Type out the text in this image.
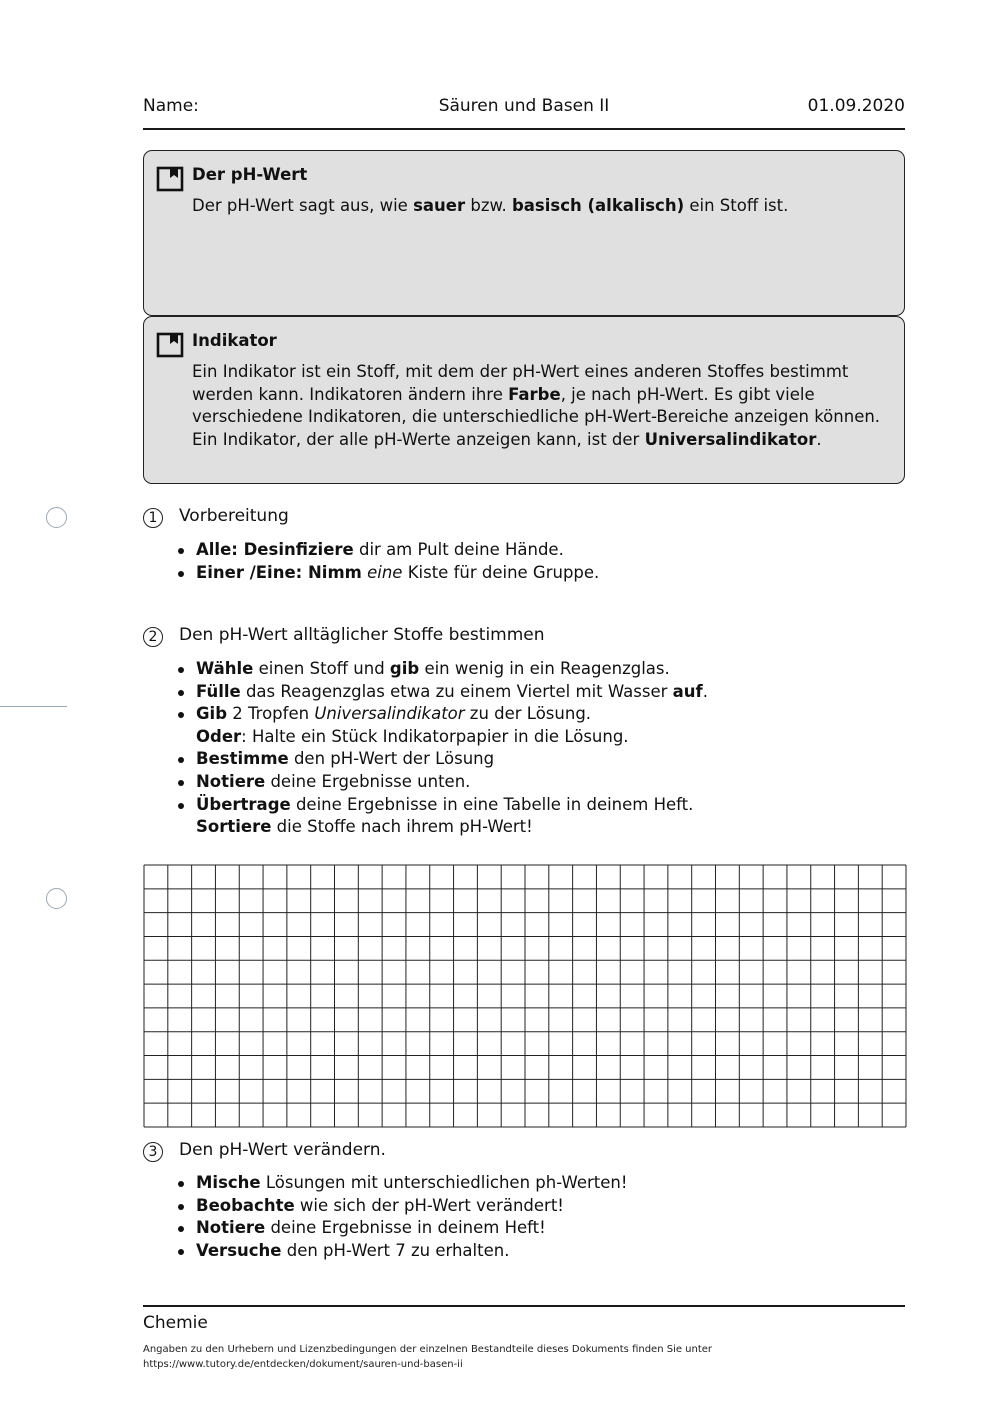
Name:	Säuren und Basen II	01.09.2020
Der pH-Wert
Der pH-Wert sagt aus, wie sauer bzw. basisch (alkalisch) ein Stoff ist.
Indikator
Ein Indikator ist ein Stoff, mit dem der pH-Wert eines anderen Stoffes bestimmt
werden kann. Indikatoren ändern ihre Farbe, je nach pH-Wert. Es gibt viele
verschiedene Indikatoren, die unterschiedliche pH-Wert-Bereiche anzeigen können.
Ein Indikator, der alle pH-Werte anzeigen kann, ist der Universalindikator.
1	Vorbereitung
Alle: Desinfiziere dir am Pult deine Hände.
Einer /Eine: Nimm eine Kiste für deine Gruppe.
2	Den pH-Wert alltäglicher Stoffe bestimmen
Wähle einen Stoff und gib ein wenig in ein Reagenzglas.
Fülle das Reagenzglas etwa zu einem Viertel mit Wasser auf.
Gib 2 Tropfen Universalindikator zu der Lösung.
Oder: Halte ein Stück Indikatorpapier in die Lösung.
Bestimme den pH-Wert der Lösung
Notiere deine Ergebnisse unten.
Übertrage deine Ergebnisse in eine Tabelle in deinem Heft.
Sortiere die Stoffe nach ihrem pH-Wert!
3	Den pH-Wert verändern.
Mische Lösungen mit unterschiedlichen ph-Werten!
Beobachte wie sich der pH-Wert verändert!
Notiere deine Ergebnisse in deinem Heft!
Versuche den pH-Wert 7 zu erhalten.
Chemie
Angaben zu den Urhebern und Lizenzbedingungen der einzelnen Bestandteile dieses Dokuments finden Sie unter
https://www.tutory.de/entdecken/dokument/sauren-und-basen-ii
